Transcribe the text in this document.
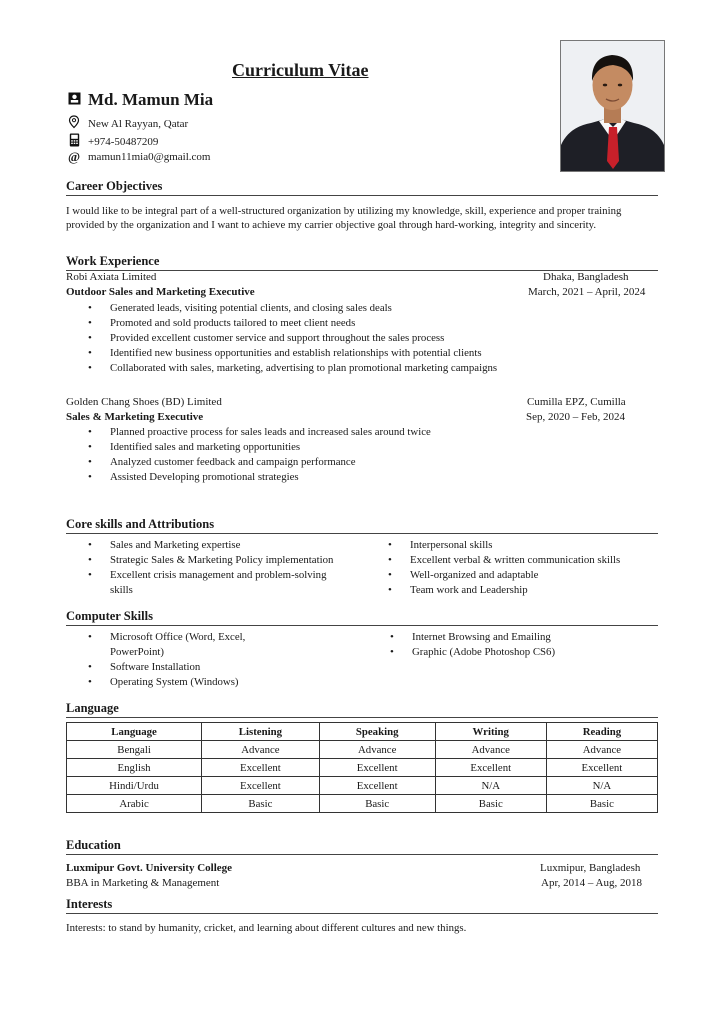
Curriculum Vitae
Md. Mamun Mia
New Al Rayyan, Qatar
+974-50487209
@ mamun11mia0@gmail.com
Career Objectives
I would like to be integral part of a well-structured organization by utilizing my knowledge, skill, experience and proper training provided by the organization and I want to achieve my carrier objective goal through hard-working, integrity and sincerity.
Work Experience
Robi Axiata Limited	Dhaka, Bangladesh
Outdoor Sales and Marketing Executive	March, 2021 – April, 2024
• Generated leads, visiting potential clients, and closing sales deals
• Promoted and sold products tailored to meet client needs
• Provided excellent customer service and support throughout the sales process
• Identified new business opportunities and establish relationships with potential clients
• Collaborated with sales, marketing, advertising to plan promotional marketing campaigns
Golden Chang Shoes (BD) Limited	Cumilla EPZ, Cumilla
Sales & Marketing Executive	Sep, 2020 – Feb, 2024
• Planned proactive process for sales leads and increased sales around twice
• Identified sales and marketing opportunities
• Analyzed customer feedback and campaign performance
• Assisted Developing promotional strategies
Core skills and Attributions
• Sales and Marketing expertise
• Strategic Sales & Marketing Policy implementation
• Excellent crisis management and problem-solving skills
• Interpersonal skills
• Excellent verbal & written communication skills
• Well-organized and adaptable
• Team work and Leadership
Computer Skills
• Microsoft Office (Word, Excel, PowerPoint)
• Software Installation
• Operating System (Windows)
• Internet Browsing and Emailing
• Graphic (Adobe Photoshop CS6)
Language
Language	Listening	Speaking	Writing	Reading
Bengali	Advance	Advance	Advance	Advance
English	Excellent	Excellent	Excellent	Excellent
Hindi/Urdu	Excellent	Excellent	N/A	N/A
Arabic	Basic	Basic	Basic	Basic
Education
Luxmipur Govt. University College	Luxmipur, Bangladesh
BBA in Marketing & Management	Apr, 2014 – Aug, 2018
Interests
Interests: to stand by humanity, cricket, and learning about different cultures and new things.
